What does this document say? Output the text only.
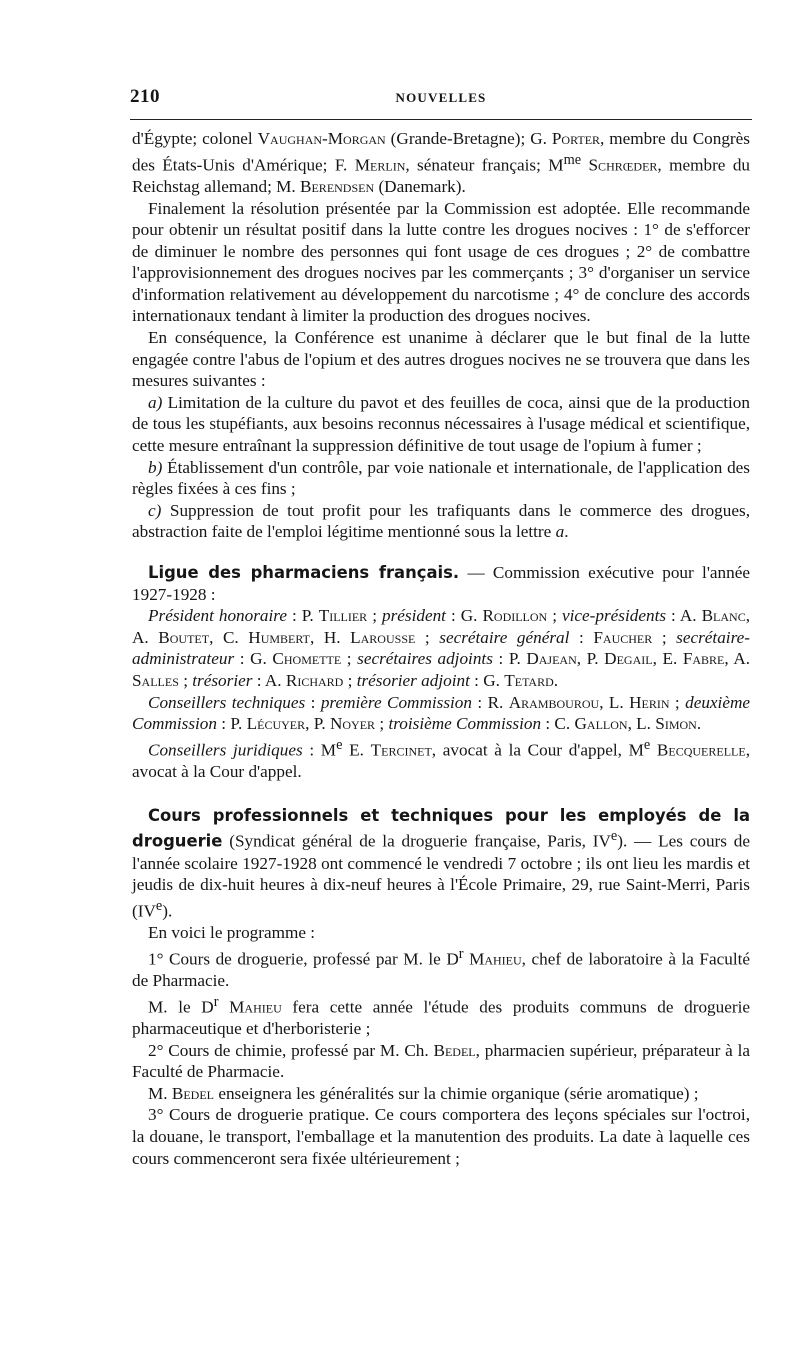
210	NOUVELLES

d'Égypte; colonel Vaughan-Morgan (Grande-Bretagne); G. Porter, membre du Congrès des États-Unis d'Amérique; F. Merlin, sénateur français; $M^{me}$ Schrœder, membre du Reichstag allemand; M. Berendsen (Danemark).

Finalement la résolution présentée par la Commission est adoptée. Elle recommande pour obtenir un résultat positif dans la lutte contre les drogues nocives : 1° de s'efforcer de diminuer le nombre des personnes qui font usage de ces drogues ; 2° de combattre l'approvisionnement des drogues nocives par les commerçants ; 3° d'organiser un service d'information relativement au développement du narcotisme ; 4° de conclure des accords internationaux tendant à limiter la production des drogues nocives.

En conséquence, la Conférence est unanime à déclarer que le but final de la lutte engagée contre l'abus de l'opium et des autres drogues nocives ne se trouvera que dans les mesures suivantes :

a) Limitation de la culture du pavot et des feuilles de coca, ainsi que de la production de tous les stupéfiants, aux besoins reconnus nécessaires à l'usage médical et scientifique, cette mesure entraînant la suppression définitive de tout usage de l'opium à fumer ;

b) Établissement d'un contrôle, par voie nationale et internationale, de l'application des règles fixées à ces fins ;

c) Suppression de tout profit pour les trafiquants dans le commerce des drogues, abstraction faite de l'emploi légitime mentionné sous la lettre a.

Ligue des pharmaciens français. — Commission exécutive pour l'année 1927-1928 :

Président honoraire : P. Tillier ; président : G. Rodillon ; vice-présidents : A. Blanc, A. Boutet, C. Humbert, H. Larousse ; secrétaire général : Faucher ; secrétaire-administrateur : G. Chomette ; secrétaires adjoints : P. Dajean, P. Degail, E. Fabre, A. Salles ; trésorier : A. Richard ; trésorier adjoint : G. Tetard.

Conseillers techniques : première Commission : R. Arambourou, L. Herin ; deuxième Commission : P. Lécuyer, P. Noyer ; troisième Commission : C. Gallon, L. Simon.

Conseillers juridiques : Me E. Tercinet, avocat à la Cour d'appel, Me Becquerelle, avocat à la Cour d'appel.

Cours professionnels et techniques pour les employés de la droguerie (Syndicat général de la droguerie française, Paris, IVe). — Les cours de l'année scolaire 1927-1928 ont commencé le vendredi 7 octobre ; ils ont lieu les mardis et jeudis de dix-huit heures à dix-neuf heures à l'École Primaire, 29, rue Saint-Merri, Paris (IVe).

En voici le programme :

1° Cours de droguerie, professé par M. le $D^r$ Mahieu, chef de laboratoire à la Faculté de Pharmacie.

M. le $D^r$ Mahieu fera cette année l'étude des produits communs de droguerie pharmaceutique et d'herboristerie ;

2° Cours de chimie, professé par M. Ch. Bedel, pharmacien supérieur, préparateur à la Faculté de Pharmacie.

M. Bedel enseignera les généralités sur la chimie organique (série aromatique) ;

3° Cours de droguerie pratique. Ce cours comportera des leçons spéciales sur l'octroi, la douane, le transport, l'emballage et la manutention des produits. La date à laquelle ces cours commenceront sera fixée ultérieurement ;
